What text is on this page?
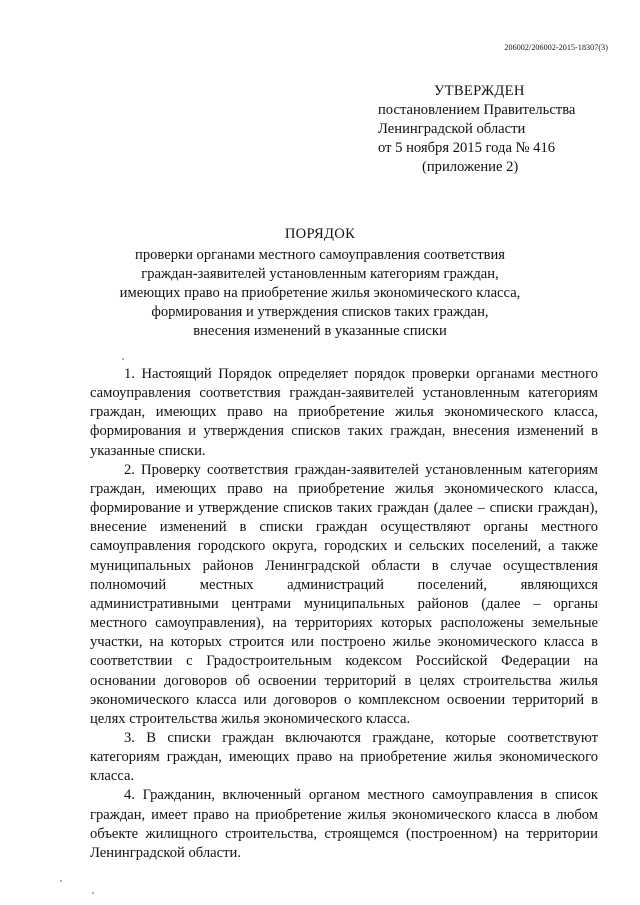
206002/206002-2015-18307(3)
УТВЕРЖДЕН
постановлением Правительства
Ленинградской области
от 5 ноября 2015 года № 416
(приложение 2)
ПОРЯДОК
проверки органами местного самоуправления соответствия
граждан-заявителей установленным категориям граждан,
имеющих право на приобретение жилья экономического класса,
формирования и утверждения списков таких граждан,
внесения изменений в указанные списки

1. Настоящий Порядок определяет порядок проверки органами местного самоуправления соответствия граждан-заявителей установленным категориям граждан, имеющих право на приобретение жилья экономического класса, формирования и утверждения списков таких граждан, внесения изменений в указанные списки.

2. Проверку соответствия граждан-заявителей установленным категориям граждан, имеющих право на приобретение жилья экономического класса, формирование и утверждение списков таких граждан (далее – списки граждан), внесение изменений в списки граждан осуществляют органы местного самоуправления городского округа, городских и сельских поселений, а также муниципальных районов Ленинградской области в случае осуществления полномочий местных администраций поселений, являющихся административными центрами муниципальных районов (далее – органы местного самоуправления), на территориях которых расположены земельные участки, на которых строится или построено жилье экономического класса в соответствии с Градостроительным кодексом Российской Федерации на основании договоров об освоении территорий в целях строительства жилья экономического класса или договоров о комплексном освоении территорий в целях строительства жилья экономического класса.

3. В списки граждан включаются граждане, которые соответствуют категориям граждан, имеющих право на приобретение жилья экономического класса.

4. Гражданин, включенный органом местного самоуправления в список граждан, имеет право на приобретение жилья экономического класса в любом объекте жилищного строительства, строящемся (построенном) на территории Ленинградской области.
